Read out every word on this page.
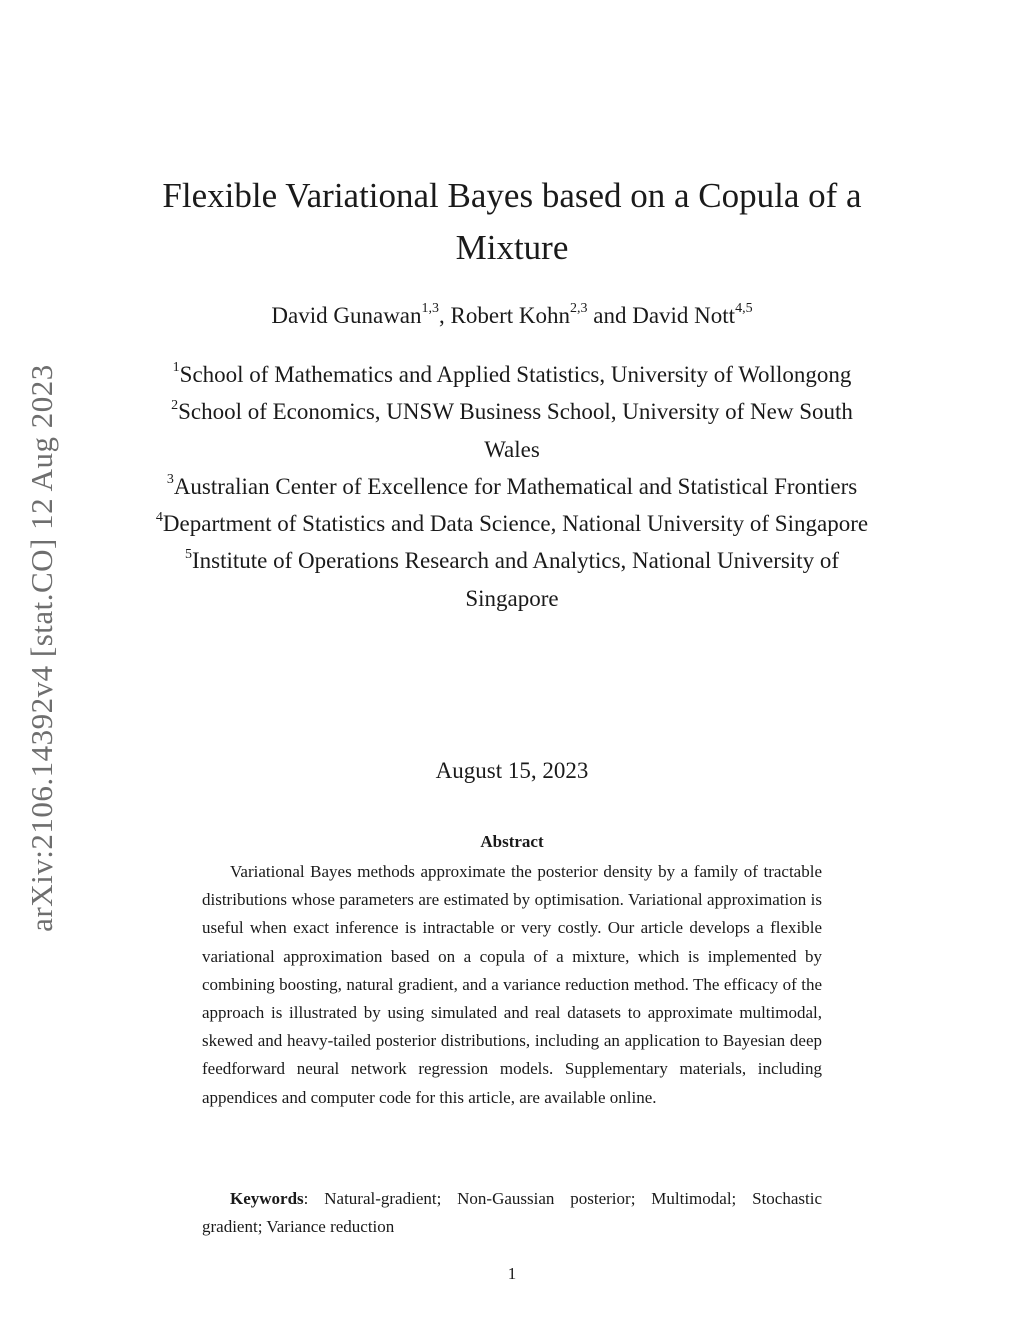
arXiv:2106.14392v4 [stat.CO] 12 Aug 2023
Flexible Variational Bayes based on a Copula of a Mixture
David Gunawan$^{1,3}$, Robert Kohn$^{2,3}$ and David Nott$^{4,5}$
$^1$School of Mathematics and Applied Statistics, University of Wollongong
$^2$School of Economics, UNSW Business School, University of New South Wales
$^3$Australian Center of Excellence for Mathematical and Statistical Frontiers
$^4$Department of Statistics and Data Science, National University of Singapore
$^5$Institute of Operations Research and Analytics, National University of Singapore
August 15, 2023
Abstract

Variational Bayes methods approximate the posterior density by a family of tractable distributions whose parameters are estimated by optimisation. Variational approximation is useful when exact inference is intractable or very costly. Our article develops a flexible variational approximation based on a copula of a mixture, which is implemented by combining boosting, natural gradient, and a variance reduction method. The efficacy of the approach is illustrated by using simulated and real datasets to approximate multimodal, skewed and heavy-tailed posterior distributions, including an application to Bayesian deep feedforward neural network regression models. Supplementary materials, including appendices and computer code for this article, are available online.

Keywords: Natural-gradient; Non-Gaussian posterior; Multimodal; Stochastic gradient; Variance reduction

1
